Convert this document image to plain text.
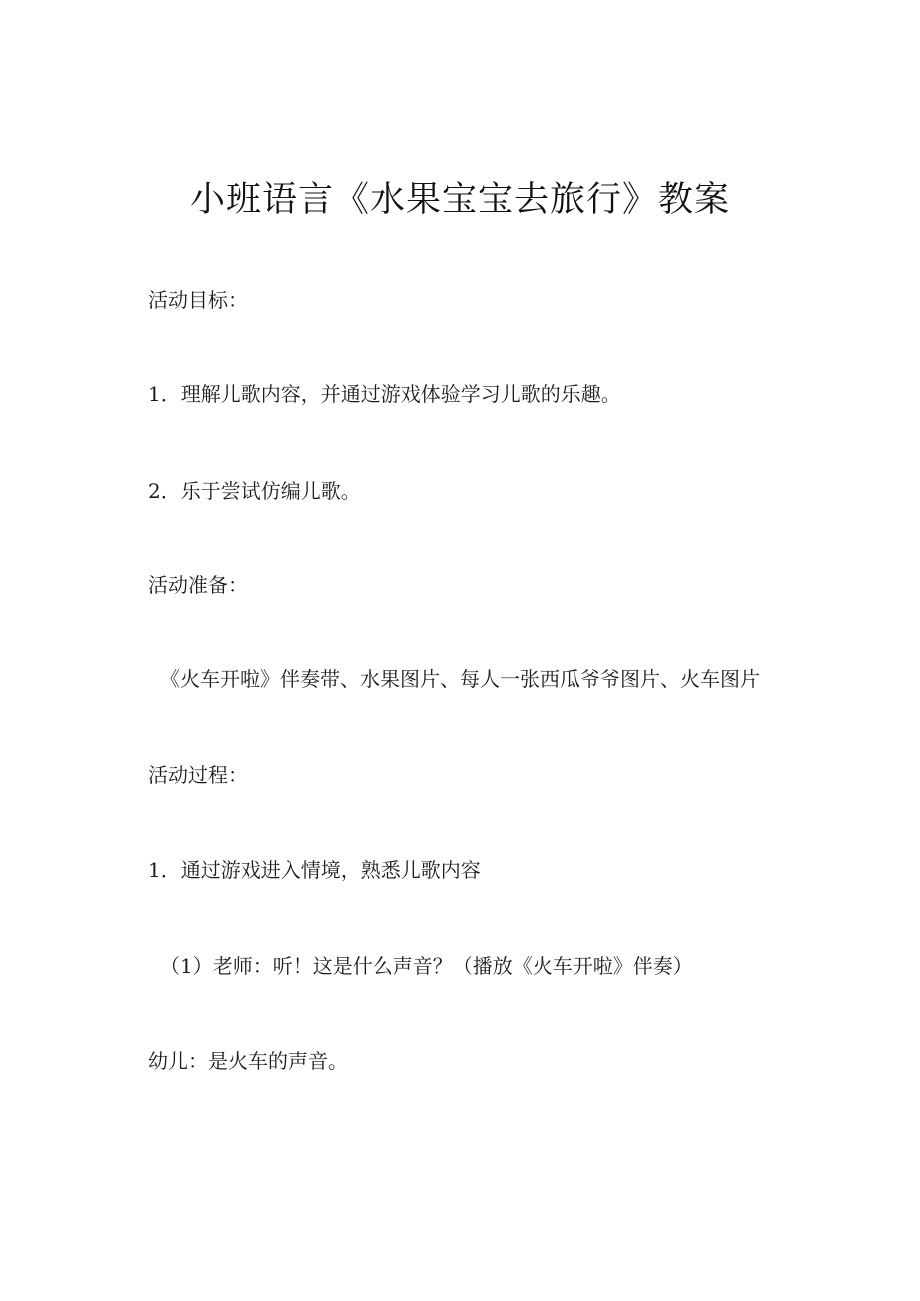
小班语言《水果宝宝去旅行》教案
活动目标：
1．理解儿歌内容，并通过游戏体验学习儿歌的乐趣。
2．乐于尝试仿编儿歌。
活动准备：
《火车开啦》伴奏带、水果图片、每人一张西瓜爷爷图片、火车图片
活动过程：
1．通过游戏进入情境，熟悉儿歌内容
（1）老师：听！这是什么声音？（播放《火车开啦》伴奏）
幼儿：是火车的声音。
